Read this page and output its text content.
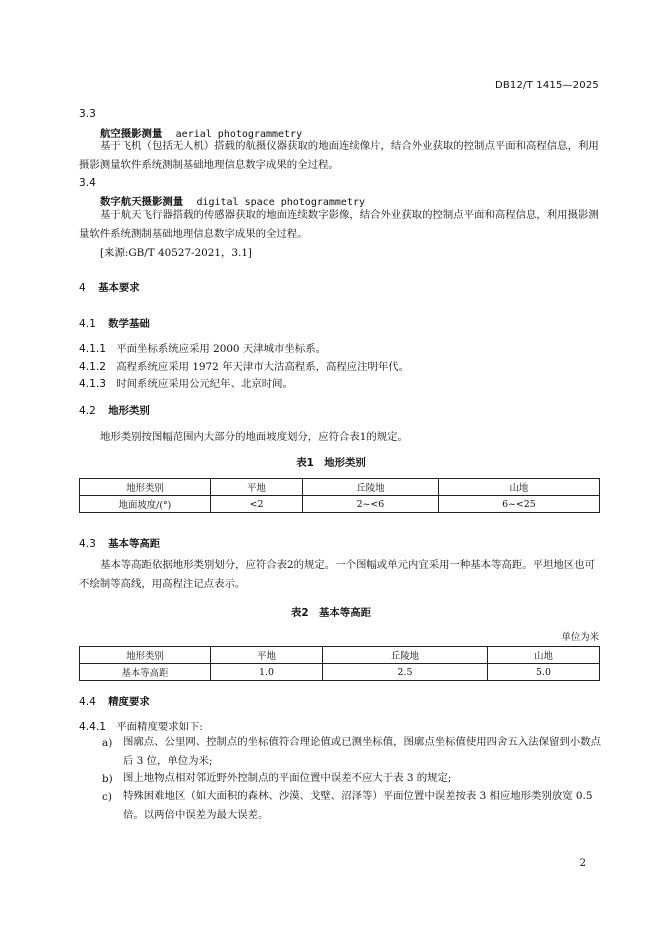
DB12/T 1415—2025
3.3
航空摄影测量 aerial photogrammetry
基于飞机（包括无人机）搭载的航摄仪器获取的地面连续像片，结合外业获取的控制点平面和高程信息，利用摄影测量软件系统测制基础地理信息数字成果的全过程。
3.4
数字航天摄影测量 digital space photogrammetry
基于航天飞行器搭载的传感器获取的地面连续数字影像，结合外业获取的控制点平面和高程信息，利用摄影测量软件系统测制基础地理信息数字成果的全过程。
[来源:GB/T 40527-2021，3.1]
4 基本要求
4.1 数学基础
4.1.1 平面坐标系统应采用 2000 天津城市坐标系。
4.1.2 高程系统应采用 1972 年天津市大沽高程系，高程应注明年代。
4.1.3 时间系统应采用公元纪年、北京时间。
4.2 地形类别
地形类别按图幅范围内大部分的地面坡度划分，应符合表1的规定。
表1　地形类别
地形类别	平地	丘陵地	山地
地面坡度/(°)	<2	2~<6	6~<25
4.3 基本等高距
基本等高距依据地形类别划分，应符合表2的规定。一个图幅或单元内宜采用一种基本等高距。平坦地区也可不绘制等高线，用高程注记点表示。
表2　基本等高距
单位为米
地形类别	平地	丘陵地	山地
基本等高距	1.0	2.5	5.0
4.4 精度要求
4.4.1 平面精度要求如下:
a) 图廓点、公里网、控制点的坐标值符合理论值或已测坐标值，图廓点坐标值使用四舍五入法保留到小数点后 3 位，单位为米;
b) 图上地物点相对邻近野外控制点的平面位置中误差不应大于表 3 的规定;
c) 特殊困难地区（如大面积的森林、沙漠、戈壁、沼泽等）平面位置中误差按表 3 相应地形类别放宽 0.5 倍。以两倍中误差为最大误差。
2
